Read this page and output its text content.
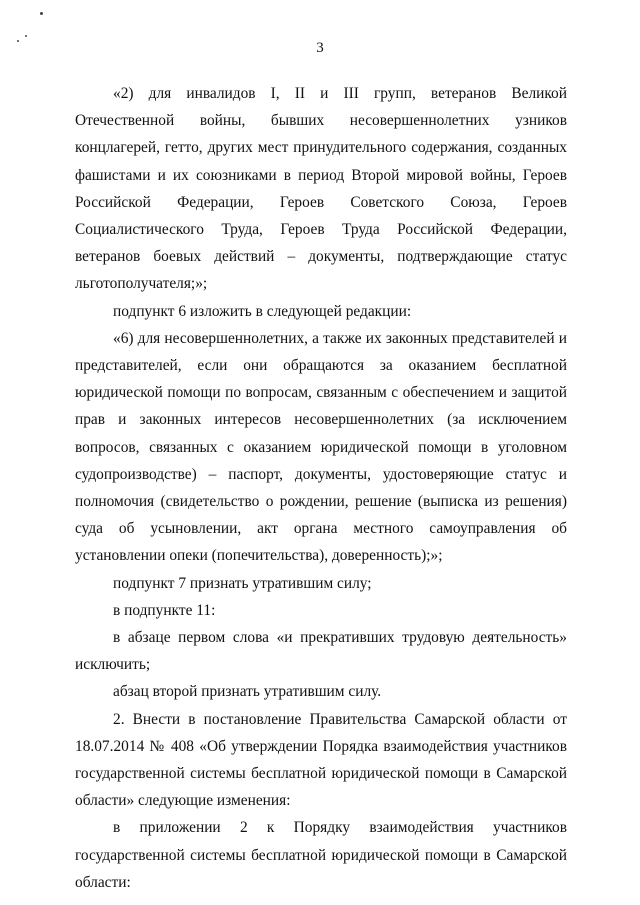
3

«2) для инвалидов I, II и III групп, ветеранов Великой Отечественной войны, бывших несовершеннолетних узников концлагерей, гетто, других мест принудительного содержания, созданных фашистами и их союзниками в период Второй мировой войны, Героев Российской Федерации, Героев Советского Союза, Героев Социалистического Труда, Героев Труда Российской Федерации, ветеранов боевых действий – документы, подтверждающие статус льготополучателя;»;

подпункт 6 изложить в следующей редакции:

«6) для несовершеннолетних, а также их законных представителей и представителей, если они обращаются за оказанием бесплатной юридической помощи по вопросам, связанным с обеспечением и защитой прав и законных интересов несовершеннолетних (за исключением вопросов, связанных с оказанием юридической помощи в уголовном судопроизводстве) – паспорт, документы, удостоверяющие статус и полномочия (свидетельство о рождении, решение (выписка из решения) суда об усыновлении, акт органа местного самоуправления об установлении опеки (попечительства), доверенность);»;

подпункт 7 признать утратившим силу;

в подпункте 11:

в абзаце первом слова «и прекративших трудовую деятельность» исключить;

абзац второй признать утратившим силу.

2. Внести в постановление Правительства Самарской области от 18.07.2014 № 408 «Об утверждении Порядка взаимодействия участников государственной системы бесплатной юридической помощи в Самарской области» следующие изменения:

в приложении 2 к Порядку взаимодействия участников государственной системы бесплатной юридической помощи в Самарской области:
